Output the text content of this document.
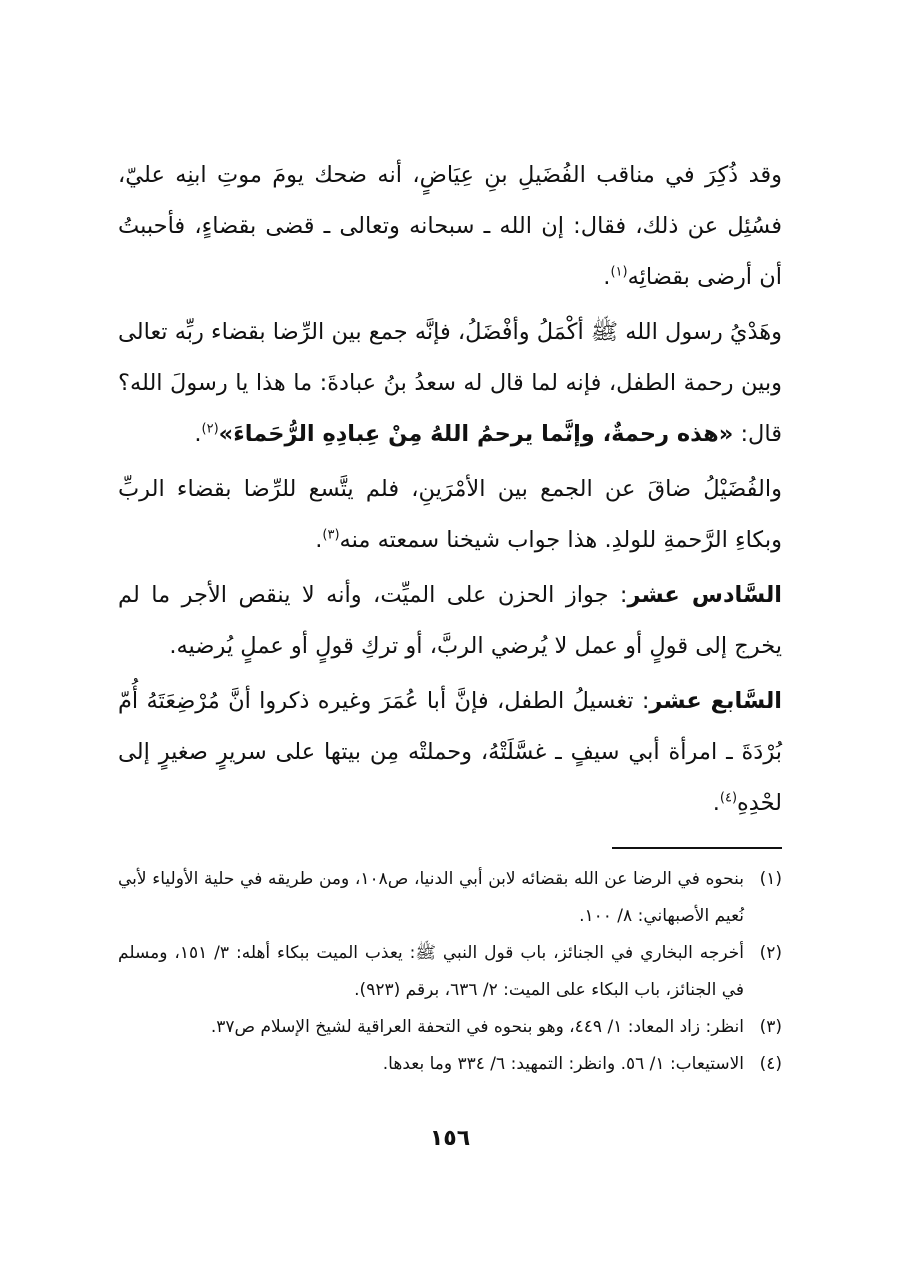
وقد ذُكِرَ في مناقب الفُضَيلِ بنِ عِيَاضٍ، أنه ضحك يومَ موتِ ابنِه عليّ، فسُئِل عن ذلك، فقال: إن الله ـ سبحانه وتعالى ـ قضى بقضاءٍ، فأحببتُ أن أرضى بقضائِه$^{(١)}$.

وهَدْيُ رسول الله ﷺ أكْمَلُ وأفْضَلُ، فإنَّه جمع بين الرِّضا بقضاء ربِّه تعالى وبين رحمة الطفل، فإنه لما قال له سعدُ بنُ عبادةَ: ما هذا يا رسولَ الله؟ قال: «هذه رحمةٌ، وإنَّما يرحمُ اللهُ مِنْ عِبادِهِ الرُّحَماءَ»$^{(٢)}$.

والفُضَيْلُ ضاقَ عن الجمع بين الأمْرَينِ، فلم يتَّسع للرِّضا بقضاء الربِّ وبكاءِ الرَّحمةِ للولدِ. هذا جواب شيخنا سمعته منه$^{(٣)}$.

السَّادس عشر: جواز الحزن على الميِّت، وأنه لا ينقص الأجر ما لم يخرج إلى قولٍ أو عمل لا يُرضي الربَّ، أو تركِ قولٍ أو عملٍ يُرضيه.

السَّابع عشر: تغسيلُ الطفل، فإنَّ أبا عُمَرَ وغيره ذكروا أنَّ مُرْضِعَتَهُ أُمّ بُرْدَةَ ـ امرأة أبي سيفٍ ـ غسَّلَتْهُ، وحملتْه مِن بيتها على سريرٍ صغيرٍ إلى لحْدِهِ$^{(٤)}$.

(١)
بنحوه في الرضا عن الله بقضائه لابن أبي الدنيا، ص١٠٨، ومن طريقه في حلية الأولياء لأبي نُعيم الأصبهاني: ٨/ ١٠٠.
(٢)
أخرجه البخاري في الجنائز، باب قول النبي ﷺ: يعذب الميت ببكاء أهله: ٣/ ١٥١، ومسلم في الجنائز، باب البكاء على الميت: ٢/ ٦٣٦، برقم (٩٢٣).
(٣)
انظر: زاد المعاد: ١/ ٤٤٩، وهو بنحوه في التحفة العراقية لشيخ الإسلام ص٣٧.
(٤)
الاستيعاب: ١/ ٥٦. وانظر: التمهيد: ٦/ ٣٣٤ وما بعدها.
١٥٦
